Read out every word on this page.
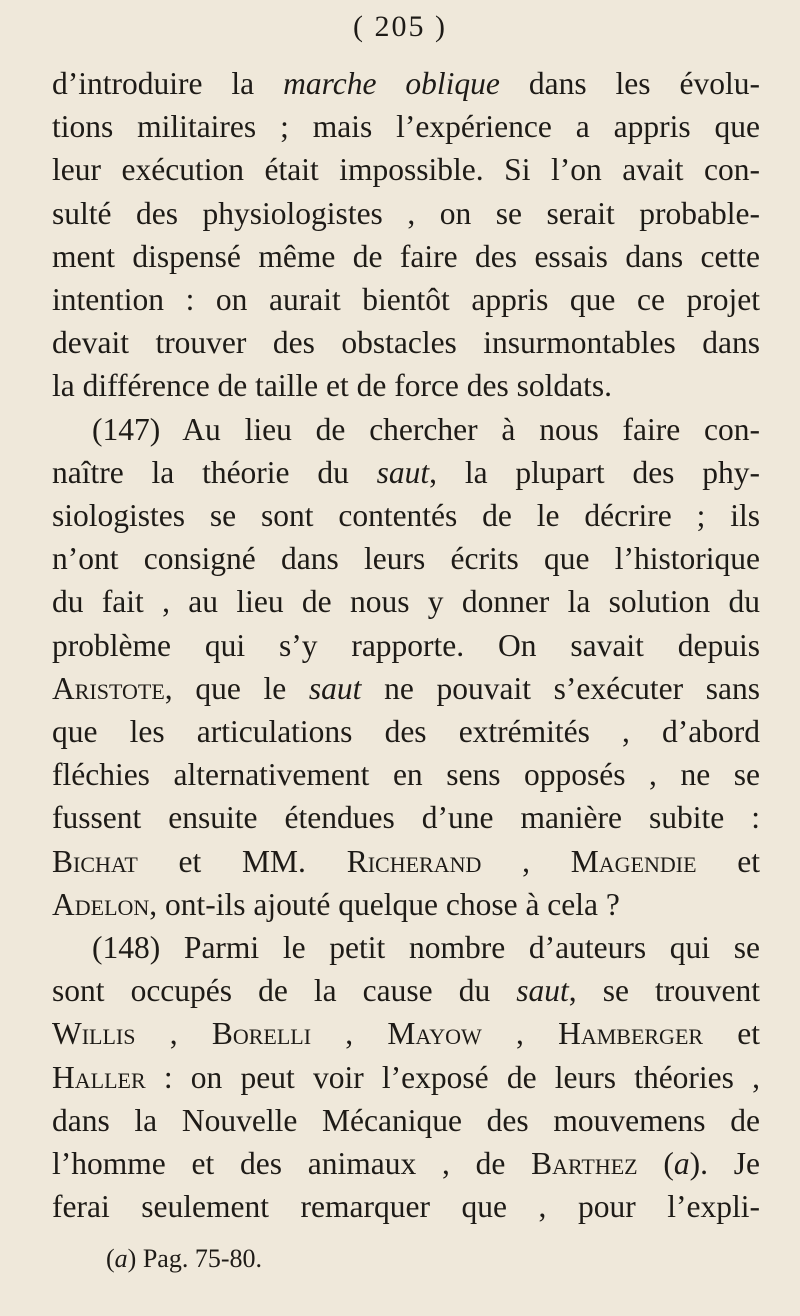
( 205 )
d’introduire la marche oblique dans les évolu-
tions militaires ; mais l’expérience a appris que
leur exécution était impossible. Si l’on avait con-
sulté des physiologistes , on se serait probable-
ment dispensé même de faire des essais dans cette
intention : on aurait bientôt appris que ce projet
devait trouver des obstacles insurmontables dans
la différence de taille et de force des soldats.
(147) Au lieu de chercher à nous faire con-
naître la théorie du saut, la plupart des phy-
siologistes se sont contentés de le décrire ; ils
n’ont consigné dans leurs écrits que l’historique
du fait , au lieu de nous y donner la solution du
problème qui s’y rapporte. On savait depuis
Aristote, que le saut ne pouvait s’exécuter sans
que les articulations des extrémités , d’abord
fléchies alternativement en sens opposés , ne se
fussent ensuite étendues d’une manière subite :
Bichat et MM. Richerand , Magendie et
Adelon, ont-ils ajouté quelque chose à cela ?
(148) Parmi le petit nombre d’auteurs qui se
sont occupés de la cause du saut, se trouvent
Willis , Borelli , Mayow , Hamberger et
Haller : on peut voir l’exposé de leurs théories ,
dans la Nouvelle Mécanique des mouvemens de
l’homme et des animaux , de Barthez (a). Je
ferai seulement remarquer que , pour l’expli-
(a) Pag. 75-80.
